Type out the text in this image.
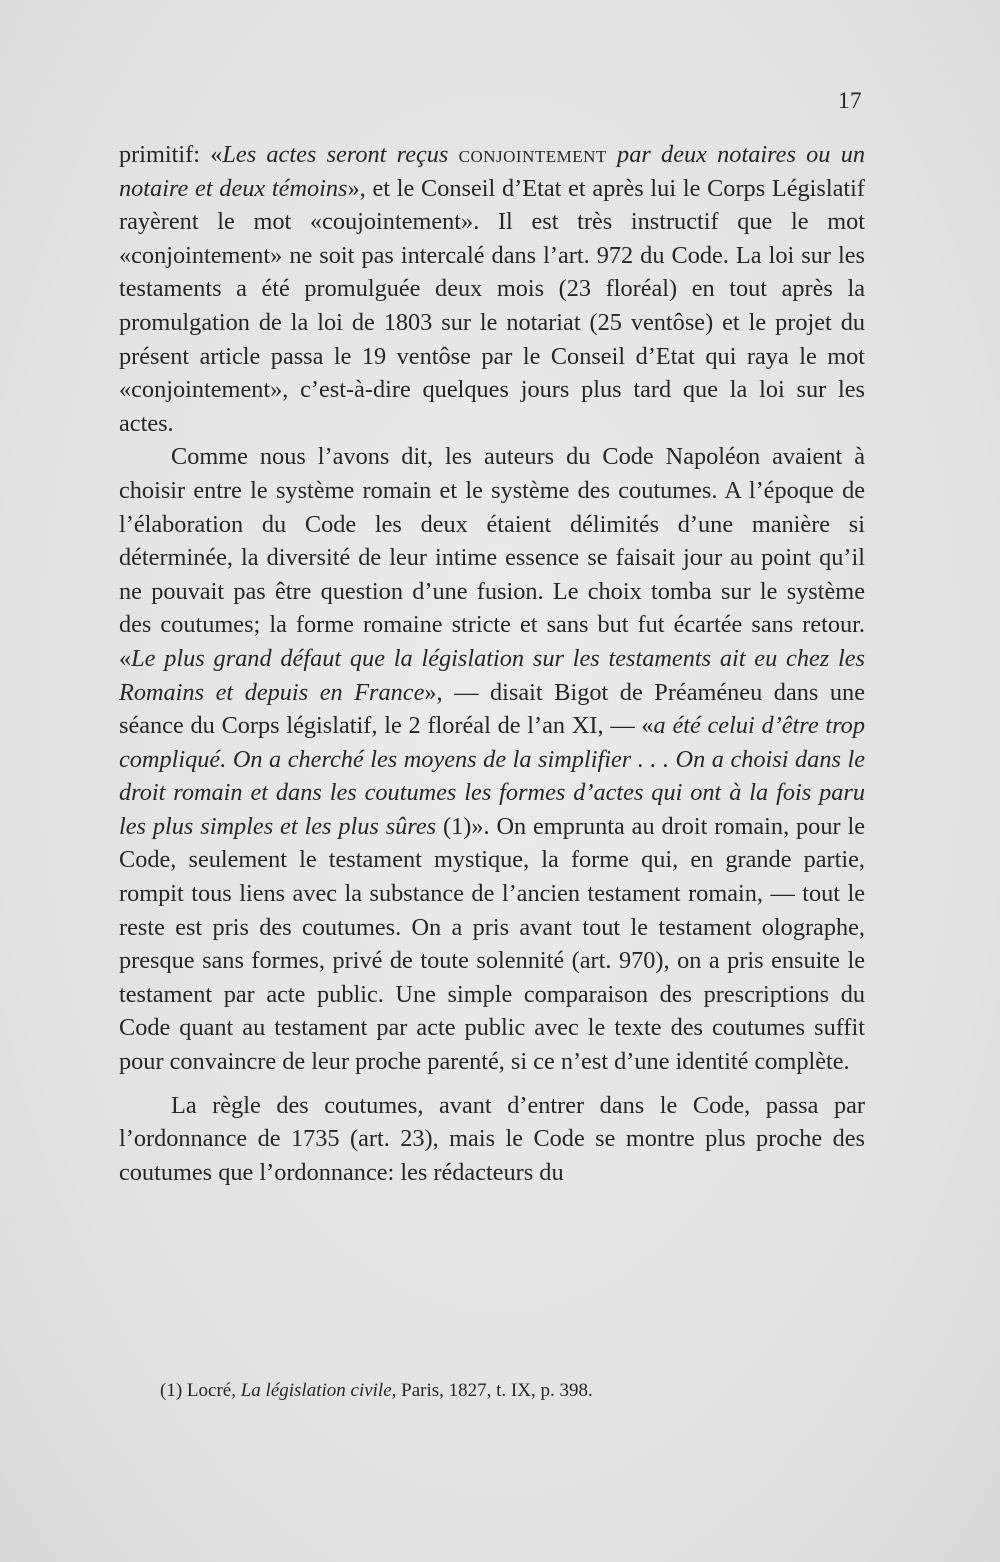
17

primitif: «Les actes seront reçus conjointement par deux notaires ou un notaire et deux témoins», et le Conseil d’Etat et après lui le Corps Législatif rayèrent le mot «coujointement». Il est très instructif que le mot «conjointement» ne soit pas intercalé dans l’art. 972 du Code. La loi sur les testaments a été promulguée deux mois (23 floréal) en tout après la promulgation de la loi de 1803 sur le notariat (25 ventôse) et le projet du présent article passa le 19 ventôse par le Conseil d’Etat qui raya le mot «conjointement», c’est-à-dire quelques jours plus tard que la loi sur les actes.

Comme nous l’avons dit, les auteurs du Code Napoléon avaient à choisir entre le système romain et le système des coutumes. A l’époque de l’élaboration du Code les deux étaient délimités d’une manière si déterminée, la diversité de leur intime essence se faisait jour au point qu’il ne pouvait pas être question d’une fusion. Le choix tomba sur le système des coutumes; la forme romaine stricte et sans but fut écartée sans retour. «Le plus grand défaut que la législation sur les testaments ait eu chez les Romains et depuis en France», — disait Bigot de Préaméneu dans une séance du Corps législatif, le 2 floréal de l’an XI, — «a été celui d’être trop compliqué. On a cherché les moyens de la simplifier . . . On a choisi dans le droit romain et dans les coutumes les formes d’actes qui ont à la fois paru les plus simples et les plus sûres (1)». On emprunta au droit romain, pour le Code, seulement le testament mystique, la forme qui, en grande partie, rompit tous liens avec la substance de l’ancien testament romain, — tout le reste est pris des coutumes. On a pris avant tout le testament olographe, presque sans formes, privé de toute solennité (art. 970), on a pris ensuite le testament par acte public. Une simple comparaison des prescriptions du Code quant au testament par acte public avec le texte des coutumes suffit pour convaincre de leur proche parenté, si ce n’est d’une identité complète.

La règle des coutumes, avant d’entrer dans le Code, passa par l’ordonnance de 1735 (art. 23), mais le Code se montre plus proche des coutumes que l’ordonnance: les rédacteurs du

(1) Locré, La législation civile, Paris, 1827, t. IX, p. 398.
